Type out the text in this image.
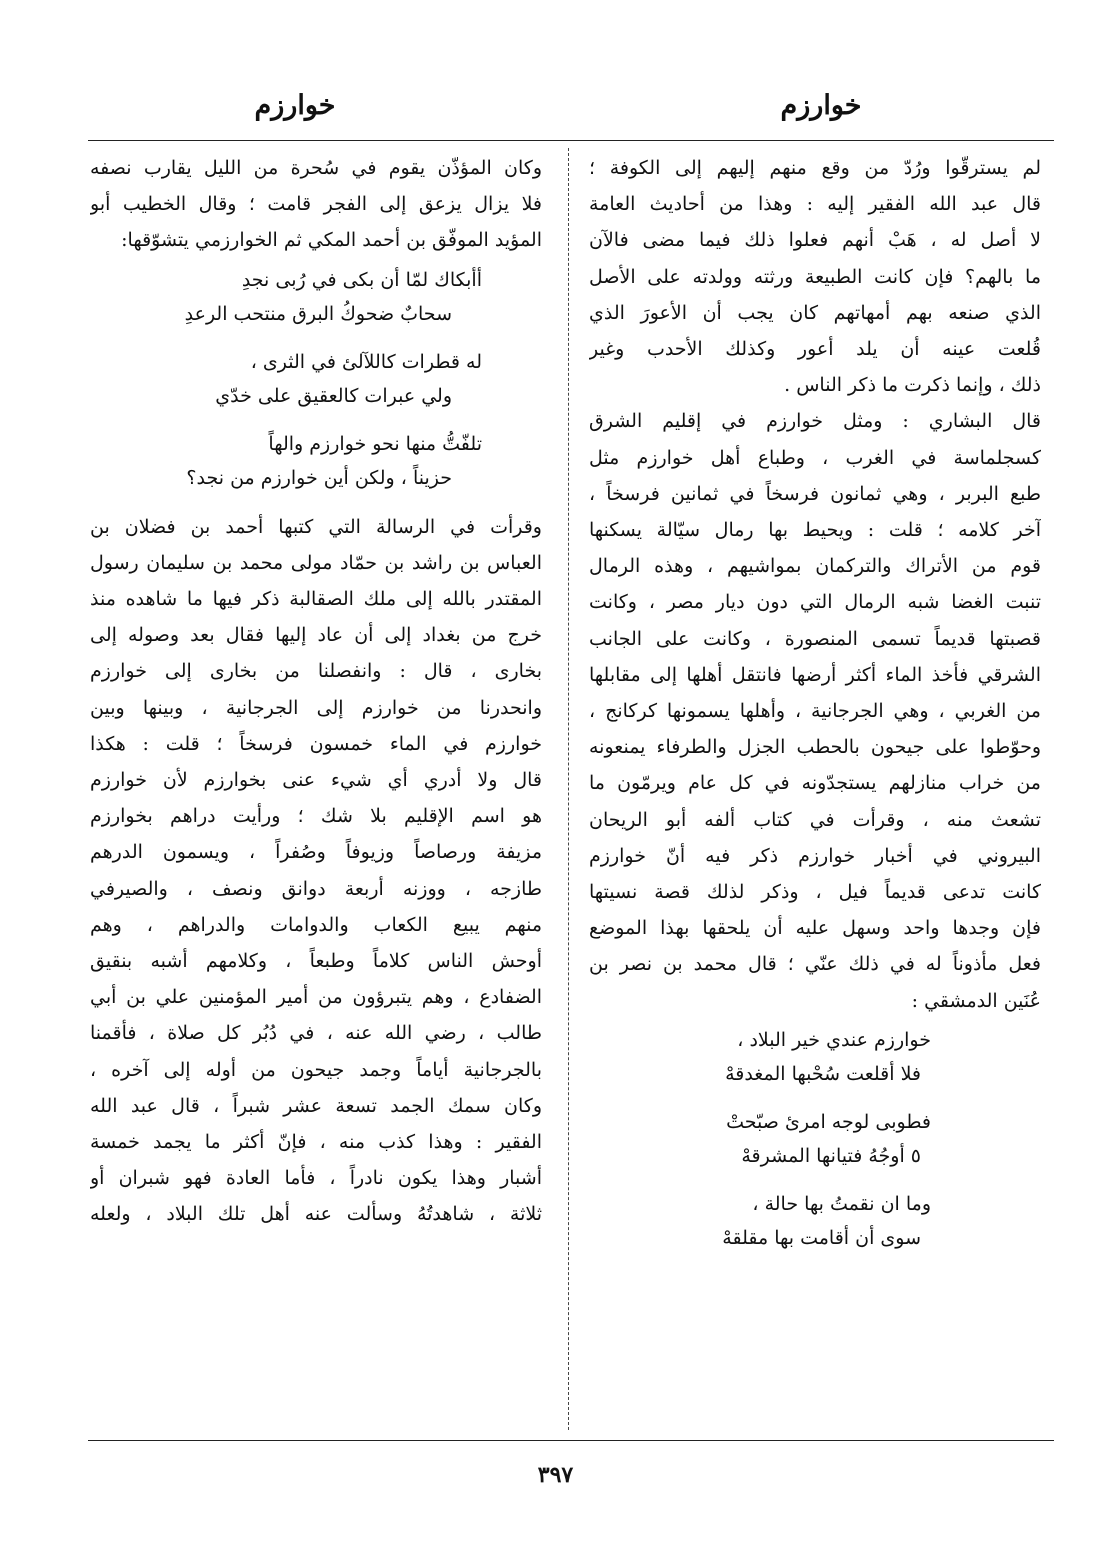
خوارزم
خوارزم

لم يسترقّوا ورُدّ من وقع منهم إليهم إلى الكوفة ؛
قال عبد الله الفقير إليه : وهذا من أحاديث العامة
لا أصل له ، هَبْ أنهم فعلوا ذلك فيما مضى فالآن
ما بالهم؟ فإن كانت الطبيعة ورثته وولدته على الأصل
الذي صنعه بهم أمهاتهم كان يجب أن الأعورَ الذي
قُلعت عينه أن يلد أعور وكذلك الأحدب وغير
ذلك ، وإنما ذكرت ما ذكر الناس .

قال البشاري : ومثل خوارزم في إقليم الشرق
كسجلماسة في الغرب ، وطباع أهل خوارزم مثل
طبع البربر ، وهي ثمانون فرسخاً في ثمانين فرسخاً ،
آخر كلامه ؛ قلت : ويحيط بها رمال سيّالة يسكنها
قوم من الأتراك والتركمان بمواشيهم ، وهذه الرمال
تنبت الغضا شبه الرمال التي دون ديار مصر ، وكانت
قصبتها قديماً تسمى المنصورة ، وكانت على الجانب
الشرقي فأخذ الماء أكثر أرضها فانتقل أهلها إلى مقابلها
من الغربي ، وهي الجرجانية ، وأهلها يسمونها كركانج ،
وحوّطوا على جيحون بالحطب الجزل والطرفاء يمنعونه
من خراب منازلهم يستجدّونه في كل عام ويرمّون ما
تشعث منه ، وقرأت في كتاب ألفه أبو الريحان
البيروني في أخبار خوارزم ذكر فيه أنّ خوارزم
كانت تدعى قديماً فيل ، وذكر لذلك قصة نسيتها
فإن وجدها واحد وسهل عليه أن يلحقها بهذا الموضع
فعل مأذوناً له في ذلك عنّي ؛ قال محمد بن نصر بن
عُنَين الدمشقي :

خوارزم عندي خير البلاد ،
فلا أقلعت سُحْبها المغدقهْ
فطوبى لوجه امرئ صبّحتْ
٥ أوجُهُ فتيانها المشرقهْ
وما ان نقمتُ بها حالة ،
سوى أن أقامت بها مقلقهْ

وكان المؤذّن يقوم في سُحرة من الليل يقارب نصفه
فلا يزال يزعق إلى الفجر قامت ؛ وقال الخطيب أبو
المؤيد الموفّق بن أحمد المكي ثم الخوارزمي يتشوّقها:

أأبكاك لمّا أن بكى في رُبى نجدِ
سحابٌ ضحوكُ البرق منتحب الرعدِ
له قطرات كاللآلئ في الثرى ،
ولي عبرات كالعقيق على خدّي
تلفّتُّ منها نحو خوارزم والهاً
حزيناً ، ولكن أين خوارزم من نجد؟

وقرأت في الرسالة التي كتبها أحمد بن فضلان بن
العباس بن راشد بن حمّاد مولى محمد بن سليمان رسول
المقتدر بالله إلى ملك الصقالبة ذكر فيها ما شاهده منذ
خرج من بغداد إلى أن عاد إليها فقال بعد وصوله إلى
بخارى ، قال : وانفصلنا من بخارى إلى خوارزم
وانحدرنا من خوارزم إلى الجرجانية ، وبينها وبين
خوارزم في الماء خمسون فرسخاً ؛ قلت : هكذا
قال ولا أدري أي شيء عنى بخوارزم لأن خوارزم
هو اسم الإقليم بلا شك ؛ ورأيت دراهم بخوارزم
مزيفة ورصاصاً وزيوفاً وصُفراً ، ويسمون الدرهم
طازجه ، ووزنه أربعة دوانق ونصف ، والصيرفي
منهم يبيع الكعاب والدوامات والدراهم ، وهم
أوحش الناس كلاماً وطبعاً ، وكلامهم أشبه بنقيق
الضفادع ، وهم يتبرؤون من أمير المؤمنين علي بن أبي
طالب ، رضي الله عنه ، في دُبُر كل صلاة ، فأقمنا
بالجرجانية أياماً وجمد جيحون من أوله إلى آخره ،
وكان سمك الجمد تسعة عشر شبراً ، قال عبد الله
الفقير : وهذا كذب منه ، فإنّ أكثر ما يجمد خمسة
أشبار وهذا يكون نادراً ، فأما العادة فهو شبران أو
ثلاثة ، شاهدتُهُ وسألت عنه أهل تلك البلاد ، ولعله

٣٩٧
